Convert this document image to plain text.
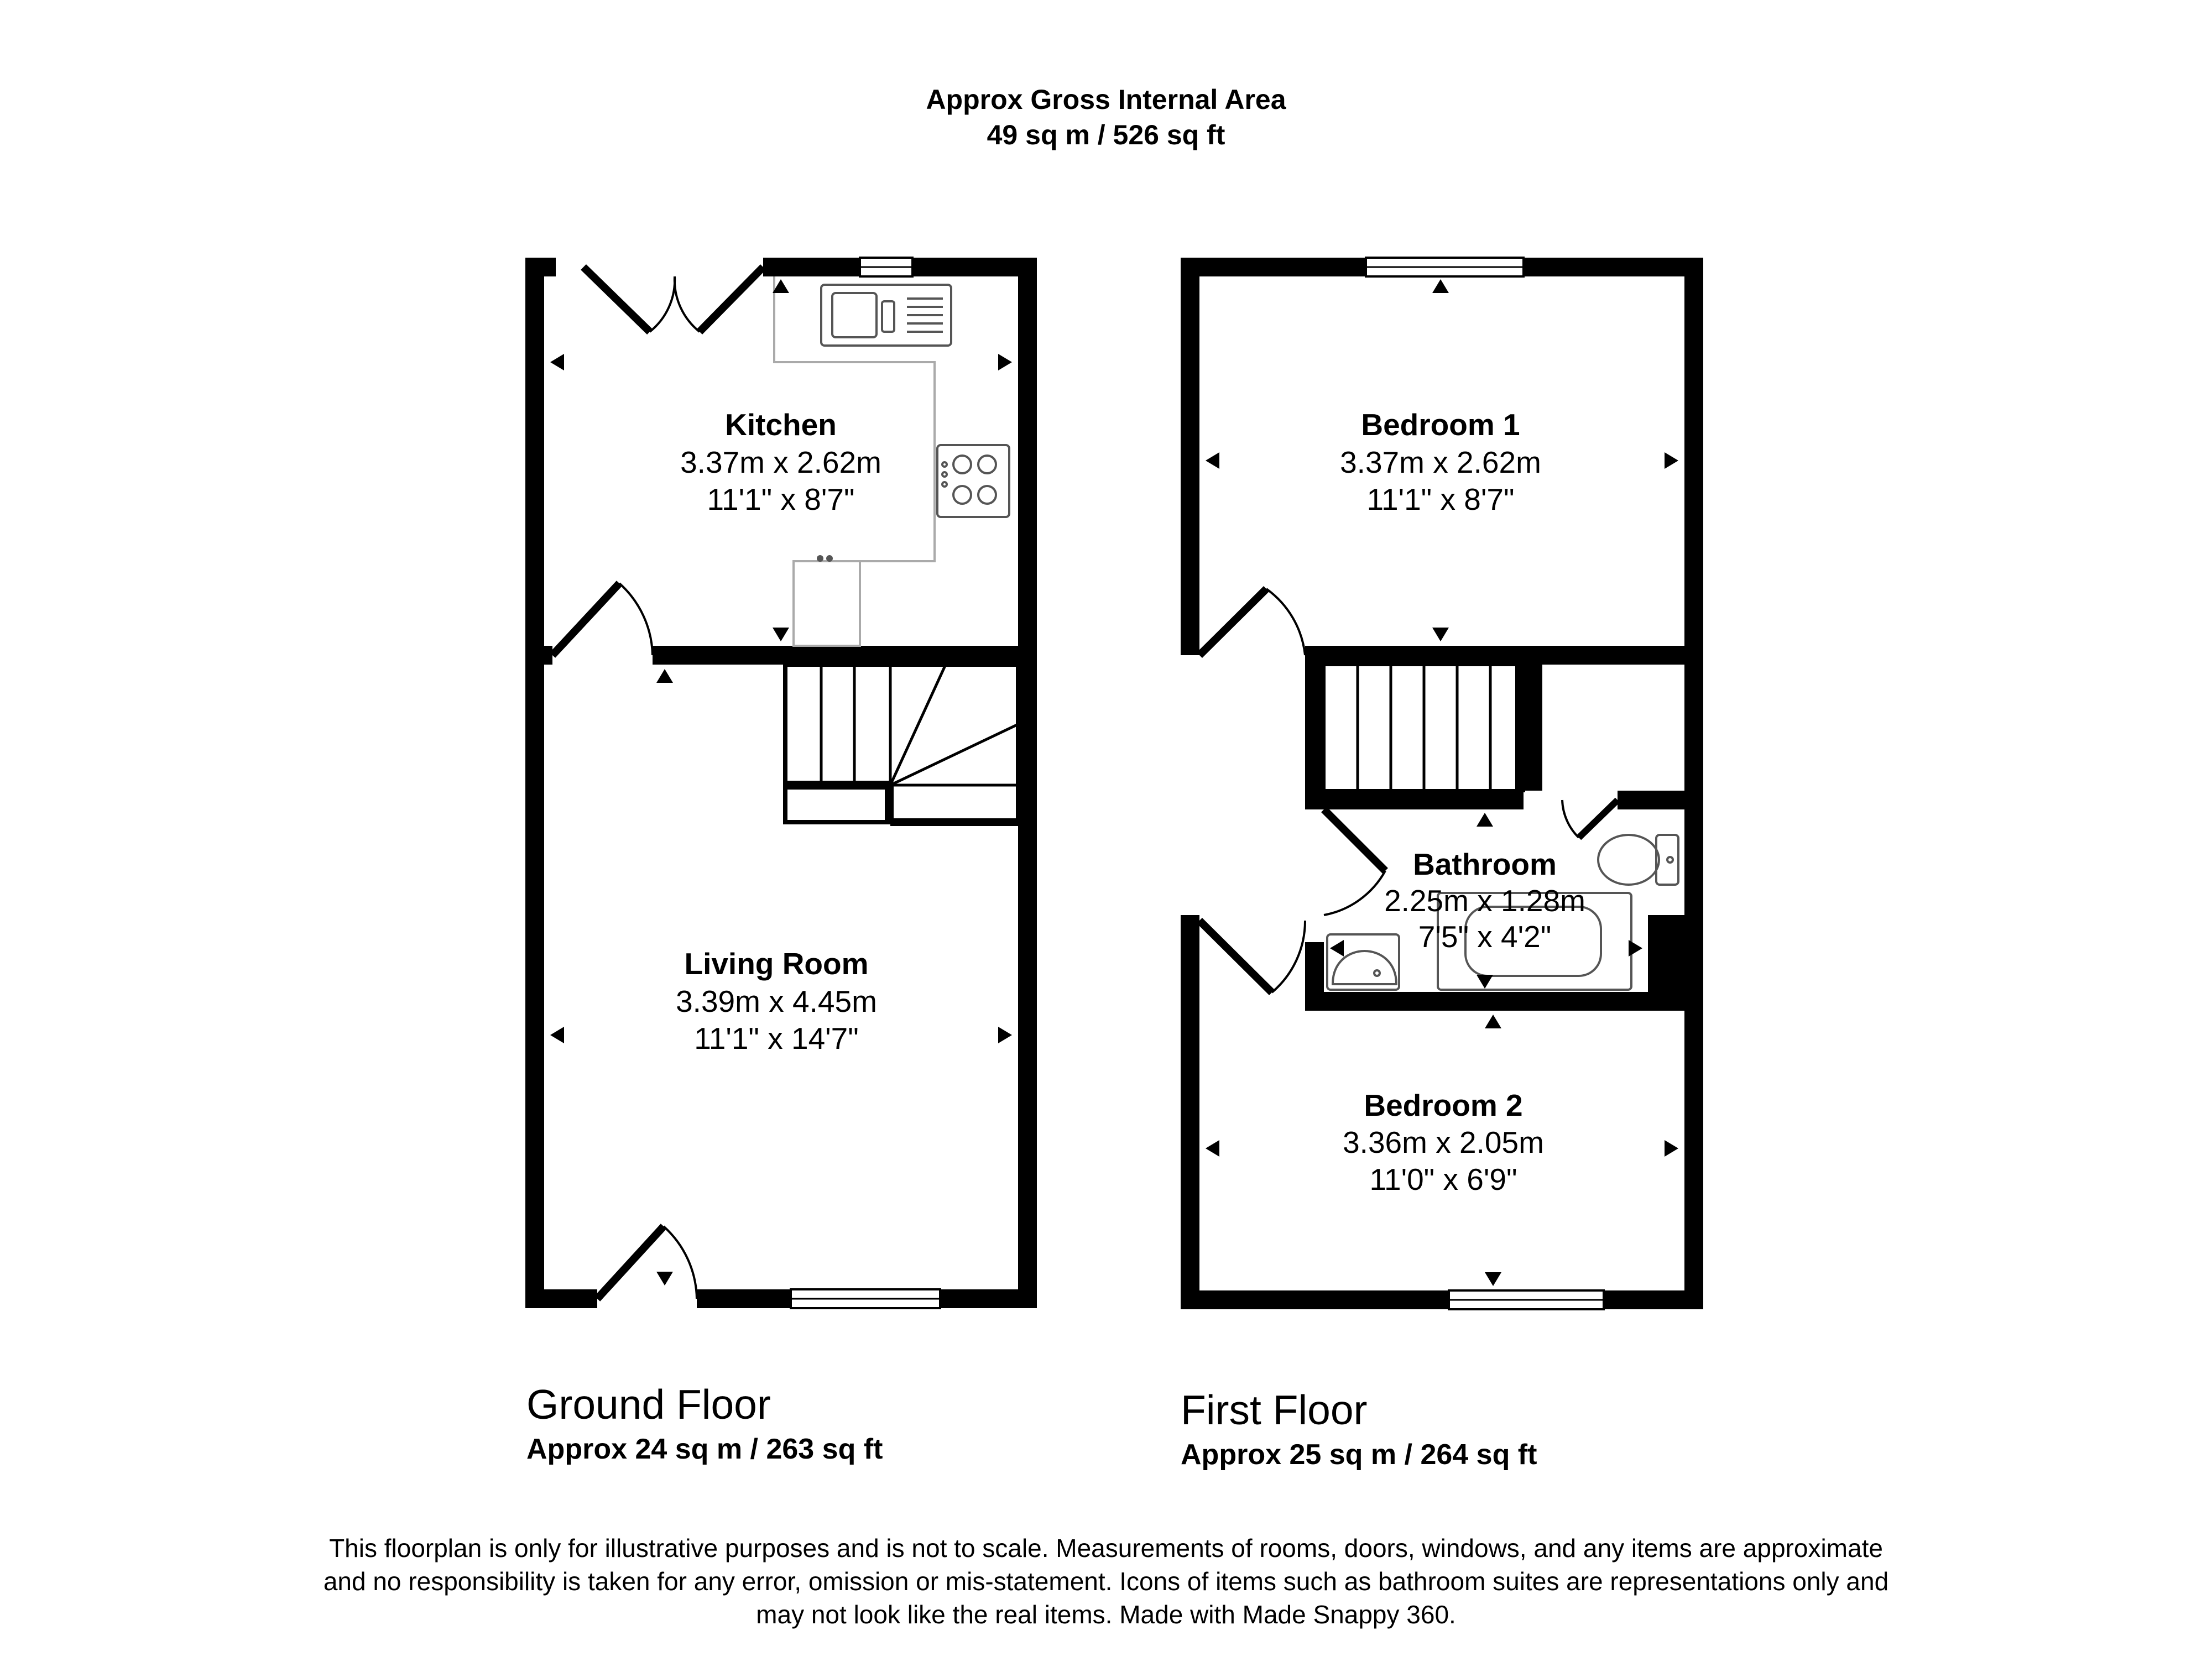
Approx Gross Internal Area
49 sq m / 526 sq ft
Kitchen
3.37m x 2.62m
11'1" x 8'7"
Living Room
3.39m x 4.45m
11'1" x 14'7"
Bedroom 1
3.37m x 2.62m
11'1" x 8'7"
Bathroom
2.25m x 1.28m
7'5" x 4'2"
Bedroom 2
3.36m x 2.05m
11'0" x 6'9"
Ground Floor
Approx 24 sq m / 263 sq ft
First Floor
Approx 25 sq m / 264 sq ft
This floorplan is only for illustrative purposes and is not to scale. Measurements of rooms, doors, windows, and any items are approximate
and no responsibility is taken for any error, omission or mis-statement. Icons of items such as bathroom suites are representations only and
may not look like the real items. Made with Made Snappy 360.
